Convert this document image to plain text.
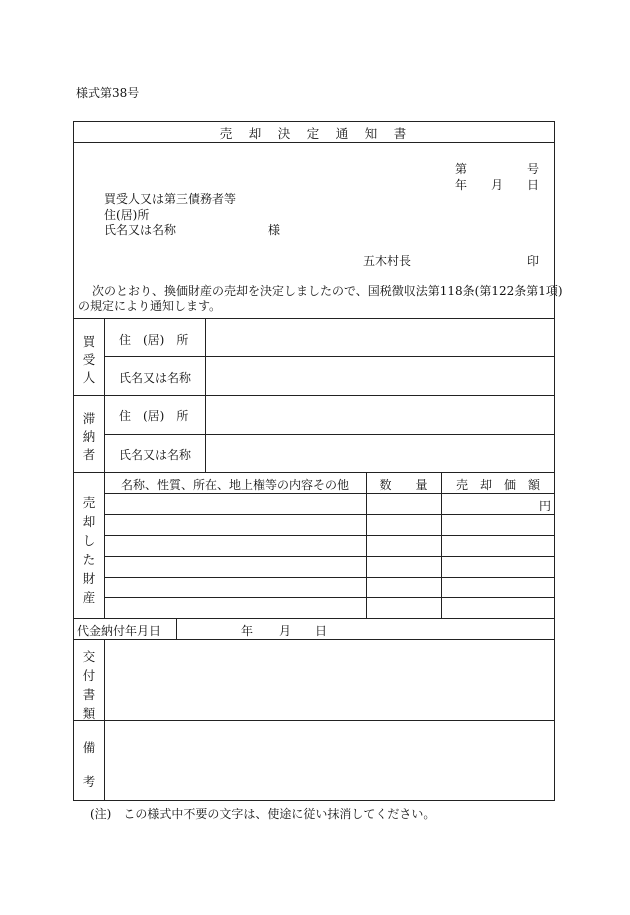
様式第38号
売　却　決　定　通　知　書
第	号
年 月 日
買受人又は第三債務者等
住(居)所
氏名又は名称	様
五木村長	印
次のとおり、換価財産の売却を決定しましたので、国税徴収法第118条(第122条第1項)
の規定により通知します。
買
受
人
住　(居)　所
氏名又は名称
滞
納
者
住　(居)　所
氏名又は名称
名称、性質、所在、地上権等の内容その他	数　　量	売　却　価　額
円
売
却
し
た
財
産
代金納付年月日	年 月 日
交
付
書
類
備
考
(注)　この様式中不要の文字は、使途に従い抹消してください。
